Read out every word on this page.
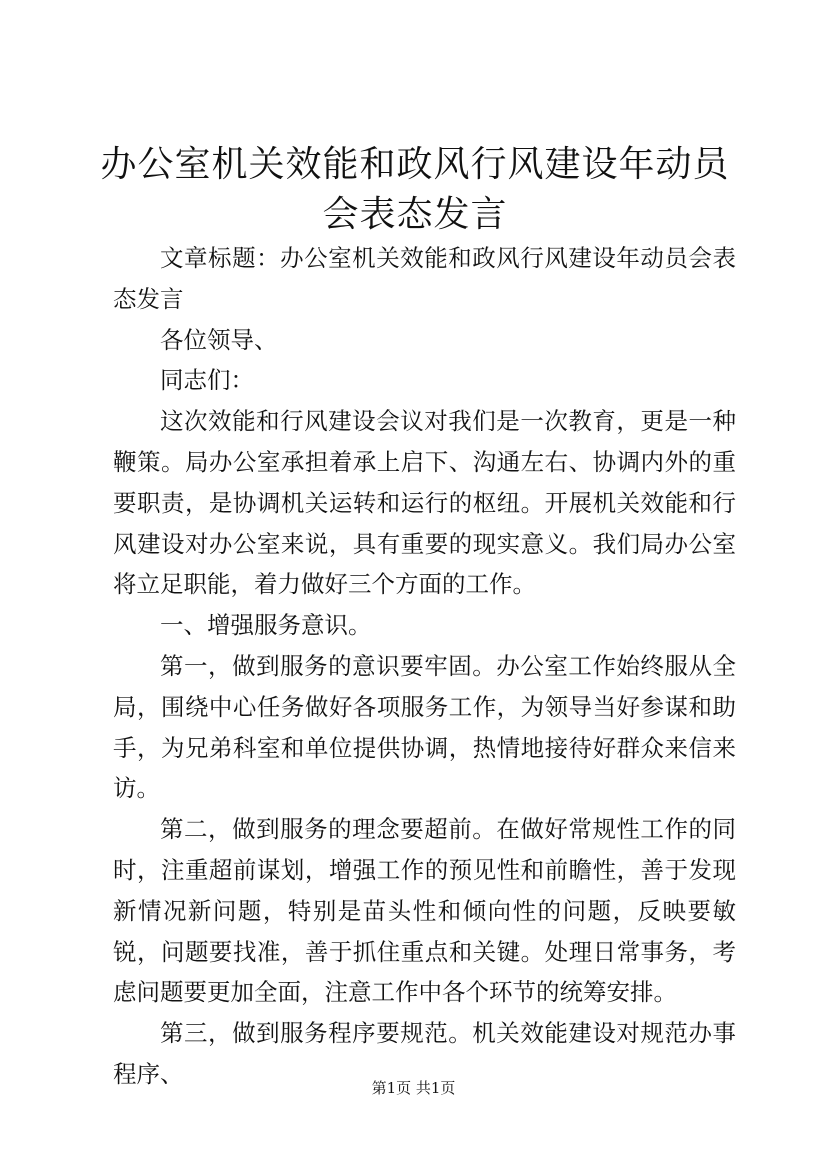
办公室机关效能和政风行风建设年动员会表态发言

文章标题：办公室机关效能和政风行风建设年动员会表态发言

各位领导、

同志们：

这次效能和行风建设会议对我们是一次教育，更是一种鞭策。局办公室承担着承上启下、沟通左右、协调内外的重要职责，是协调机关运转和运行的枢纽。开展机关效能和行风建设对办公室来说，具有重要的现实意义。我们局办公室将立足职能，着力做好三个方面的工作。

一、增强服务意识。

第一，做到服务的意识要牢固。办公室工作始终服从全局，围绕中心任务做好各项服务工作，为领导当好参谋和助手，为兄弟科室和单位提供协调，热情地接待好群众来信来访。

第二，做到服务的理念要超前。在做好常规性工作的同时，注重超前谋划，增强工作的预见性和前瞻性，善于发现新情况新问题，特别是苗头性和倾向性的问题，反映要敏锐，问题要找准，善于抓住重点和关键。处理日常事务，考虑问题要更加全面，注意工作中各个环节的统筹安排。

第三，做到服务程序要规范。机关效能建设对规范办事程序、

第1页 共1页
